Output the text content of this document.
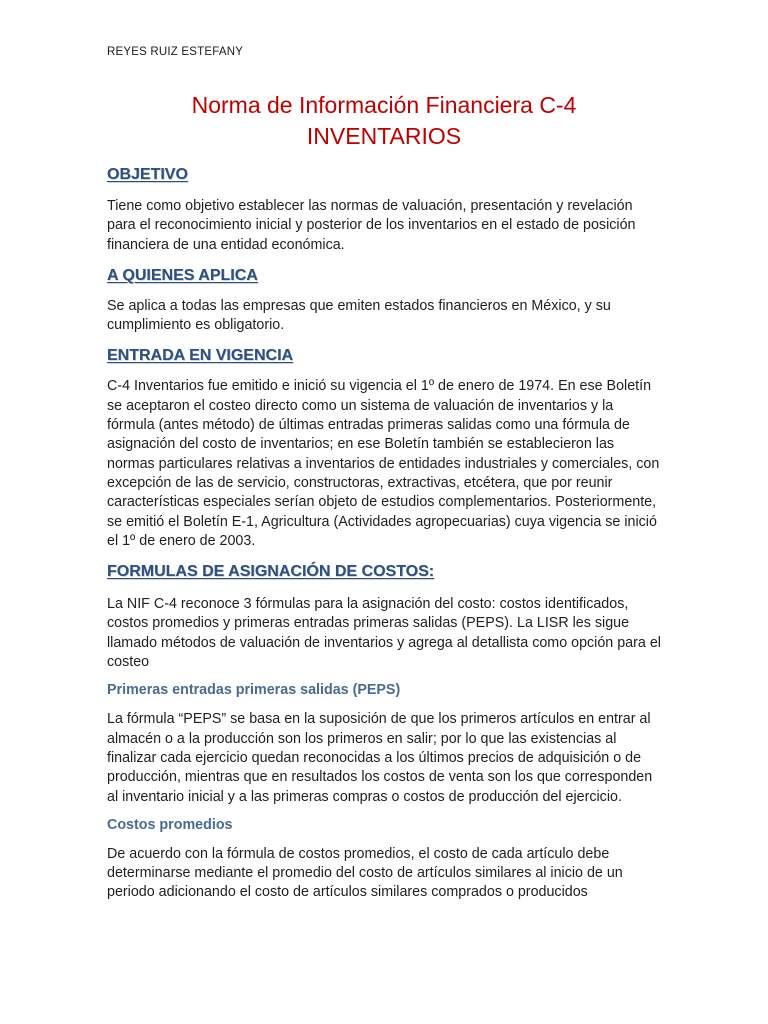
REYES RUIZ ESTEFANY
Norma de Información Financiera C-4
INVENTARIOS
OBJETIVO

Tiene como objetivo establecer las normas de valuación, presentación y revelación para el reconocimiento inicial y posterior de los inventarios en el estado de posición financiera de una entidad económica.

A QUIENES APLICA

Se aplica a todas las empresas que emiten estados financieros en México, y su cumplimiento es obligatorio.

ENTRADA EN VIGENCIA

C-4 Inventarios fue emitido e inició su vigencia el 1º de enero de 1974. En ese Boletín se aceptaron el costeo directo como un sistema de valuación de inventarios y la fórmula (antes método) de últimas entradas primeras salidas como una fórmula de asignación del costo de inventarios; en ese Boletín también se establecieron las normas particulares relativas a inventarios de entidades industriales y comerciales, con excepción de las de servicio, constructoras, extractivas, etcétera, que por reunir características especiales serían objeto de estudios complementarios. Posteriormente, se emitió el Boletín E-1, Agricultura (Actividades agropecuarias) cuya vigencia se inició el 1º de enero de 2003.

FORMULAS DE ASIGNACIÓN DE COSTOS:

La NIF C-4 reconoce 3 fórmulas para la asignación del costo: costos identificados, costos promedios y primeras entradas primeras salidas (PEPS). La LISR les sigue llamado métodos de valuación de inventarios y agrega al detallista como opción para el costeo

Primeras entradas primeras salidas (PEPS)

La fórmula “PEPS” se basa en la suposición de que los primeros artículos en entrar al almacén o a la producción son los primeros en salir; por lo que las existencias al finalizar cada ejercicio quedan reconocidas a los últimos precios de adquisición o de producción, mientras que en resultados los costos de venta son los que corresponden al inventario inicial y a las primeras compras o costos de producción del ejercicio.

Costos promedios

De acuerdo con la fórmula de costos promedios, el costo de cada artículo debe determinarse mediante el promedio del costo de artículos similares al inicio de un periodo adicionando el costo de artículos similares comprados o producidos
